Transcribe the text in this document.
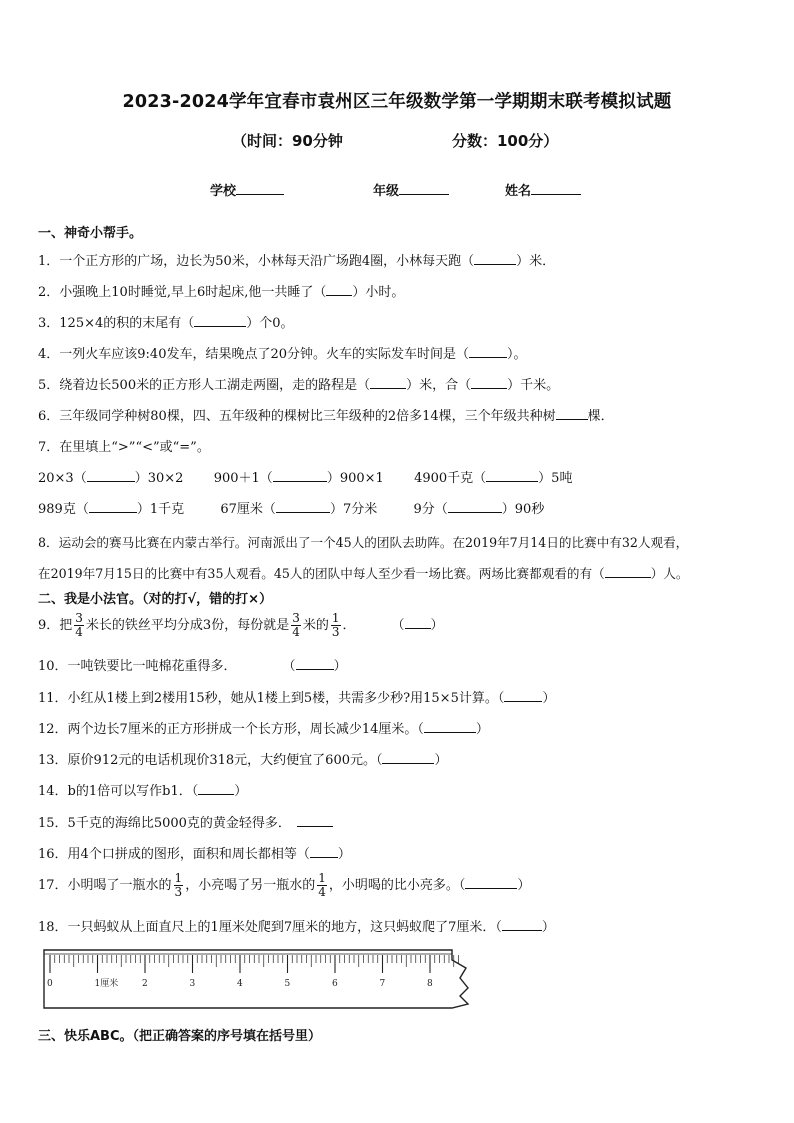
2023-2024学年宜春市袁州区三年级数学第一学期期末联考模拟试题
（时间：90分钟	分数：100分）
学校	年级	姓名
一、神奇小帮手。
1．一个正方形的广场，边长为50米，小林每天沿广场跑4圈，小林每天跑（	）米．
2．小强晚上10时睡觉,早上6时起床,他一共睡了（ ）小时。
3．125×4的积的末尾有（	）个0。
4．一列火车应该9:40发车，结果晚点了20分钟。火车的实际发车时间是（	）。
5．绕着边长500米的正方形人工湖走两圈，走的路程是（	）米，合（	）千米。
6．三年级同学种树80棵，四、五年级种的棵树比三年级种的2倍多14棵，三个年级共种树 棵．
7．在里填上“>”“<”或“=”。
20×3（	）30×2 900＋1（	）900×1 4900千克（	）5吨
989克（	）1千克	67厘米（	）7分米	9分（	）90秒
8．运动会的赛马比赛在内蒙古举行。河南派出了一个45人的团队去助阵。在2019年7月14日的比赛中有32人观看，
在2019年7月15日的比赛中有35人观看。45人的团队中每人至少看一场比赛。两场比赛都观看的有（	）人。
二、我是小法官。（对的打√，错的打×）
9．把 $\frac{3}{4}$ 米长的铁丝平均分成3份，每份就是 $\frac{3}{4}$ 米的 $\frac{1}{3}$ ．	（ ）
10．一吨铁要比一吨棉花重得多．	（	）
11．小红从1楼上到2楼用15秒，她从1楼上到5楼，共需多少秒?用15×5计算。（	）
12．两个边长7厘米的正方形拼成一个长方形，周长减少14厘米。（	）
13．原价912元的电话机现价318元，大约便宜了600元。（	）
14．b的1倍可以写作b1．（	）
15．5千克的海绵比5000克的黄金轻得多．
16．用4个口拼成的图形，面积和周长都相等（ ）
17．小明喝了一瓶水的 $\frac{1}{3}$ ，小亮喝了另一瓶水的 $\frac{1}{4}$ ，小明喝的比小亮多。（	）
18．一只蚂蚁从上面直尺上的1厘米处爬到7厘米的地方，这只蚂蚁爬了7厘米．（	）
0	1厘米	2	3	4	5	6	7	8
三、快乐ABC。（把正确答案的序号填在括号里）
